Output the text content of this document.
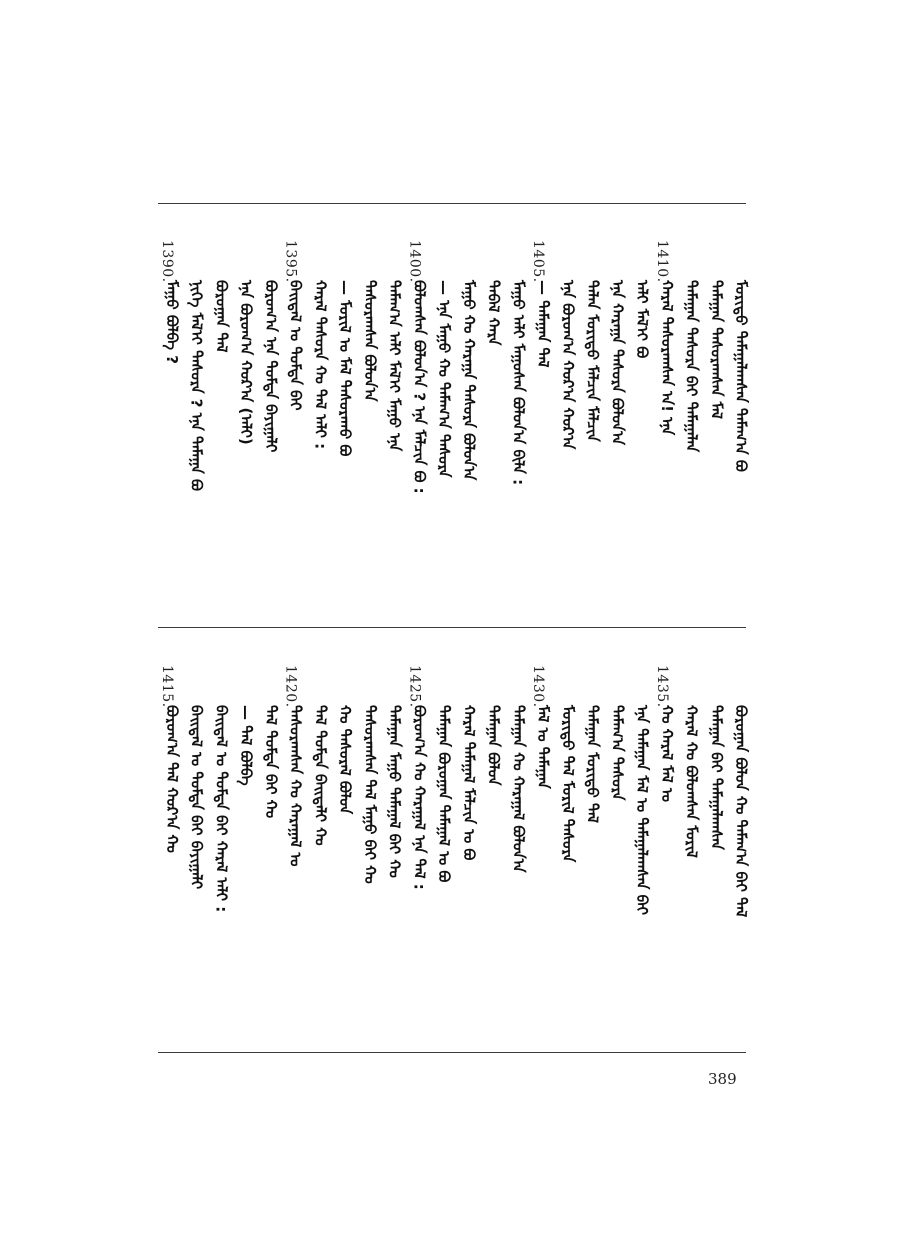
1390.
ᠮᠠᠭᠤ ᠪᠣᠯᠪᠠ ? ᠨᠢᠭᠡ ᠮᠠᠯ᠎ᠢ ᠲᠠᠰᠤᠷᠠ ? ᠡᠨᠡ ᠲᠠᠮᠠᠭᠠ ᠪᠤ ᠪᠣᠷᠣᠭᠠᠨ ᠲᠠᠯ ᠡᠨᠡ ᠪᠣᠷᠣᠭ᠎ᠠ ᠬᠤᠷ᠎ᠠ (ᠠᠯᠢ) ᠪᠣᠷᠣᠭ᠎ᠠ ᠡᠨᠡ ᠳᠤᠮᠳᠠ ᠪᠠᠶᠢᠭᠠᠯᠢ
1395.
ᠪᠠᠢᠳᠠᠯ ᠤ ᠳᠤᠮᠳᠠ ᠪᠠᠢ ᠬᠠᠷᠠᠯ ᠲᠠᠰᠤᠷᠠ ᠬᠤ ᠲᠠᠯ ᠠᠯᠢ : — ᠮᠣᠷᠢᠯ ᠤ ᠮᠠᠯ ᠲᠠᠰᠤᠷᠠᠬᠤ ᠪᠤ ᠲᠠᠰᠤᠷᠠᠭᠰᠠᠨ ᠪᠣᠯᠤᠨ᠎ᠠ ᠲᠠᠮᠠᠭ᠎ᠠ ᠠᠯᠢ ᠮᠠᠯ᠎ᠢ ᠮᠠᠭᠤ ᠡᠨᠡ
1400.
ᠪᠣᠯᠤᠭᠰᠠᠨ ᠪᠣᠯᠤᠨ᠎ᠠ ? ᠡᠨᠡ ᠮᠠᠯᠴᠢᠨ ᠪᠤ : — ᠡᠨᠡ ᠮᠠᠭᠤ ᠬᠤ ᠲᠠᠮᠠᠭ᠎ᠠ ᠲᠠᠰᠤᠷᠠ ᠮᠠᠭᠤ ᠬᠤ ᠬᠠᠷᠠᠭᠠ ᠲᠠᠰᠤᠷᠠ ᠪᠣᠯᠤᠨ᠎ᠠ ᠳᠠᠪᠠᠯ ᠬᠠᠷᠠ ᠮᠠᠭᠤ ᠠᠯᠢ ᠮᠠᠭᠤᠰᠠᠨ ᠪᠣᠯᠤᠨ᠎ᠠ ᠪᠢᠯᠡ :
1405.
— ᠲᠠᠮᠠᠭᠠᠨ ᠲᠠᠯ ᠡᠨᠡ ᠪᠣᠷᠣᠭ᠎ᠠ ᠬᠤᠷ᠎ᠠ ᠬᠤᠷ᠎ᠠ ᠲᠠᠯᠠᠨ ᠮᠣᠷᠢᠳᠤ ᠮᠠᠯᠴᠢᠨ ᠮᠠᠯᠴᠢᠨ ᠡᠨᠡ ᠬᠠᠷᠠᠭᠠ ᠲᠠᠰᠤᠷᠠ ᠪᠣᠯᠤᠨ᠎ᠠ ᠠᠯᠢ ᠮᠠᠯ᠎ᠢ ᠪᠤ
1410.
ᠬᠠᠷᠠᠯ ᠲᠠᠰᠤᠷᠠᠭᠰᠠᠨ ᠠ! ᠡᠨᠡ ᠲᠠᠮᠠᠭᠠᠨ ᠲᠠᠰᠤᠷᠠ ᠪᠠᠢ ᠲᠠᠮᠠᠭᠠᠯᠠᠨ ᠲᠠᠮᠠᠭᠠᠨ ᠲᠠᠰᠤᠷᠠᠭᠰᠠᠨ ᠮᠠᠯ ᠮᠣᠷᠢᠳᠤ ᠲᠠᠮᠠᠭᠠᠯᠠᠭᠰᠠᠨ ᠲᠠᠮᠠᠭ᠎ᠠ ᠪᠤ
1415.
ᠪᠣᠷᠣᠭ᠎ᠠ ᠲᠠᠯ ᠬᠤᠷ᠎ᠠ ᠬᠤ ᠪᠠᠢᠳᠠᠯ ᠤ ᠳᠤᠮᠳᠠ ᠪᠠᠢ ᠪᠠᠶᠢᠭᠠᠯᠢ ᠪᠠᠢᠳᠠᠯ ᠤ ᠳᠤᠮᠳᠠ ᠪᠠᠢ ᠬᠠᠷᠠᠯ ᠠᠯᠢ : — ᠲᠠᠯ ᠪᠣᠯᠪᠠ ᠲᠠᠯ ᠳᠤᠮᠳᠠ ᠪᠠᠢ ᠬᠤ
1420.
ᠲᠠᠰᠤᠷᠠᠭᠰᠠᠨ ᠬᠤ ᠬᠠᠷᠠᠭᠠᠯ ᠤ ᠲᠠᠯ ᠳᠤᠮᠳᠠ ᠪᠠᠢᠳᠠᠯᠢ ᠬᠤ ᠬᠤ ᠲᠠᠰᠤᠷᠠᠯ ᠪᠣᠯᠤᠨ ᠲᠠᠰᠤᠷᠠᠭᠰᠠᠨ ᠲᠠᠯ ᠮᠠᠭᠤ ᠪᠠᠢ ᠬᠤ ᠲᠠᠮᠠᠭᠠᠨ ᠮᠠᠭᠤ ᠲᠠᠮᠠᠭᠠᠯ ᠪᠠᠢ ᠬᠤ
1425.
ᠪᠣᠷᠣᠭ᠎ᠠ ᠬᠤ ᠬᠠᠷᠠᠭᠠᠯ ᠡᠨᠡ ᠲᠠᠯ : ᠲᠠᠮᠠᠭᠠᠨ ᠪᠣᠷᠣᠭᠠᠨ ᠲᠠᠮᠠᠭᠠᠯ ᠤ ᠪᠤ ᠬᠠᠷᠠᠯ ᠲᠠᠮᠠᠭᠠᠯ ᠮᠠᠯᠴᠢᠨ ᠤ ᠪᠤ ᠲᠠᠮᠠᠭᠠᠨ ᠪᠣᠯᠤᠨ ᠲᠠᠮᠠᠭᠠᠨ ᠬᠤ ᠬᠠᠷᠠᠭᠠᠯ ᠪᠣᠯᠤᠨ᠎ᠠ
1430.
ᠮᠠᠯ ᠤ ᠲᠠᠮᠠᠭᠠᠨ ᠮᠣᠷᠢᠳᠤ ᠲᠠᠯ ᠮᠣᠷᠢᠯ ᠲᠠᠰᠤᠷᠠ ᠲᠠᠮᠠᠭᠠᠨ ᠮᠣᠷᠢᠳᠤ ᠲᠠᠯ ᠲᠠᠮᠠᠭ᠎ᠠ ᠲᠠᠰᠤᠷᠠ ᠡᠨᠡ ᠲᠠᠮᠠᠭᠠᠨ ᠮᠠᠯ ᠤ ᠲᠠᠮᠠᠭᠠᠯᠠᠭᠰᠠᠨ ᠪᠠᠢ
1435.
ᠬᠤ ᠬᠠᠷᠠᠯ ᠮᠠᠯ ᠤ ᠬᠠᠷᠠᠯ ᠬᠤ ᠪᠣᠯᠤᠭᠰᠠᠨ ᠮᠣᠷᠢᠯ ᠲᠠᠮᠠᠭᠠᠨ ᠪᠠᠢ ᠲᠠᠮᠠᠭᠠᠯᠠᠭᠰᠠᠨ ᠪᠣᠷᠣᠭᠠᠨ ᠪᠣᠯᠤᠨ ᠬᠤ ᠲᠠᠮᠠᠭ᠎ᠠ ᠪᠠᠢ ᠲᠠᠯ
389
